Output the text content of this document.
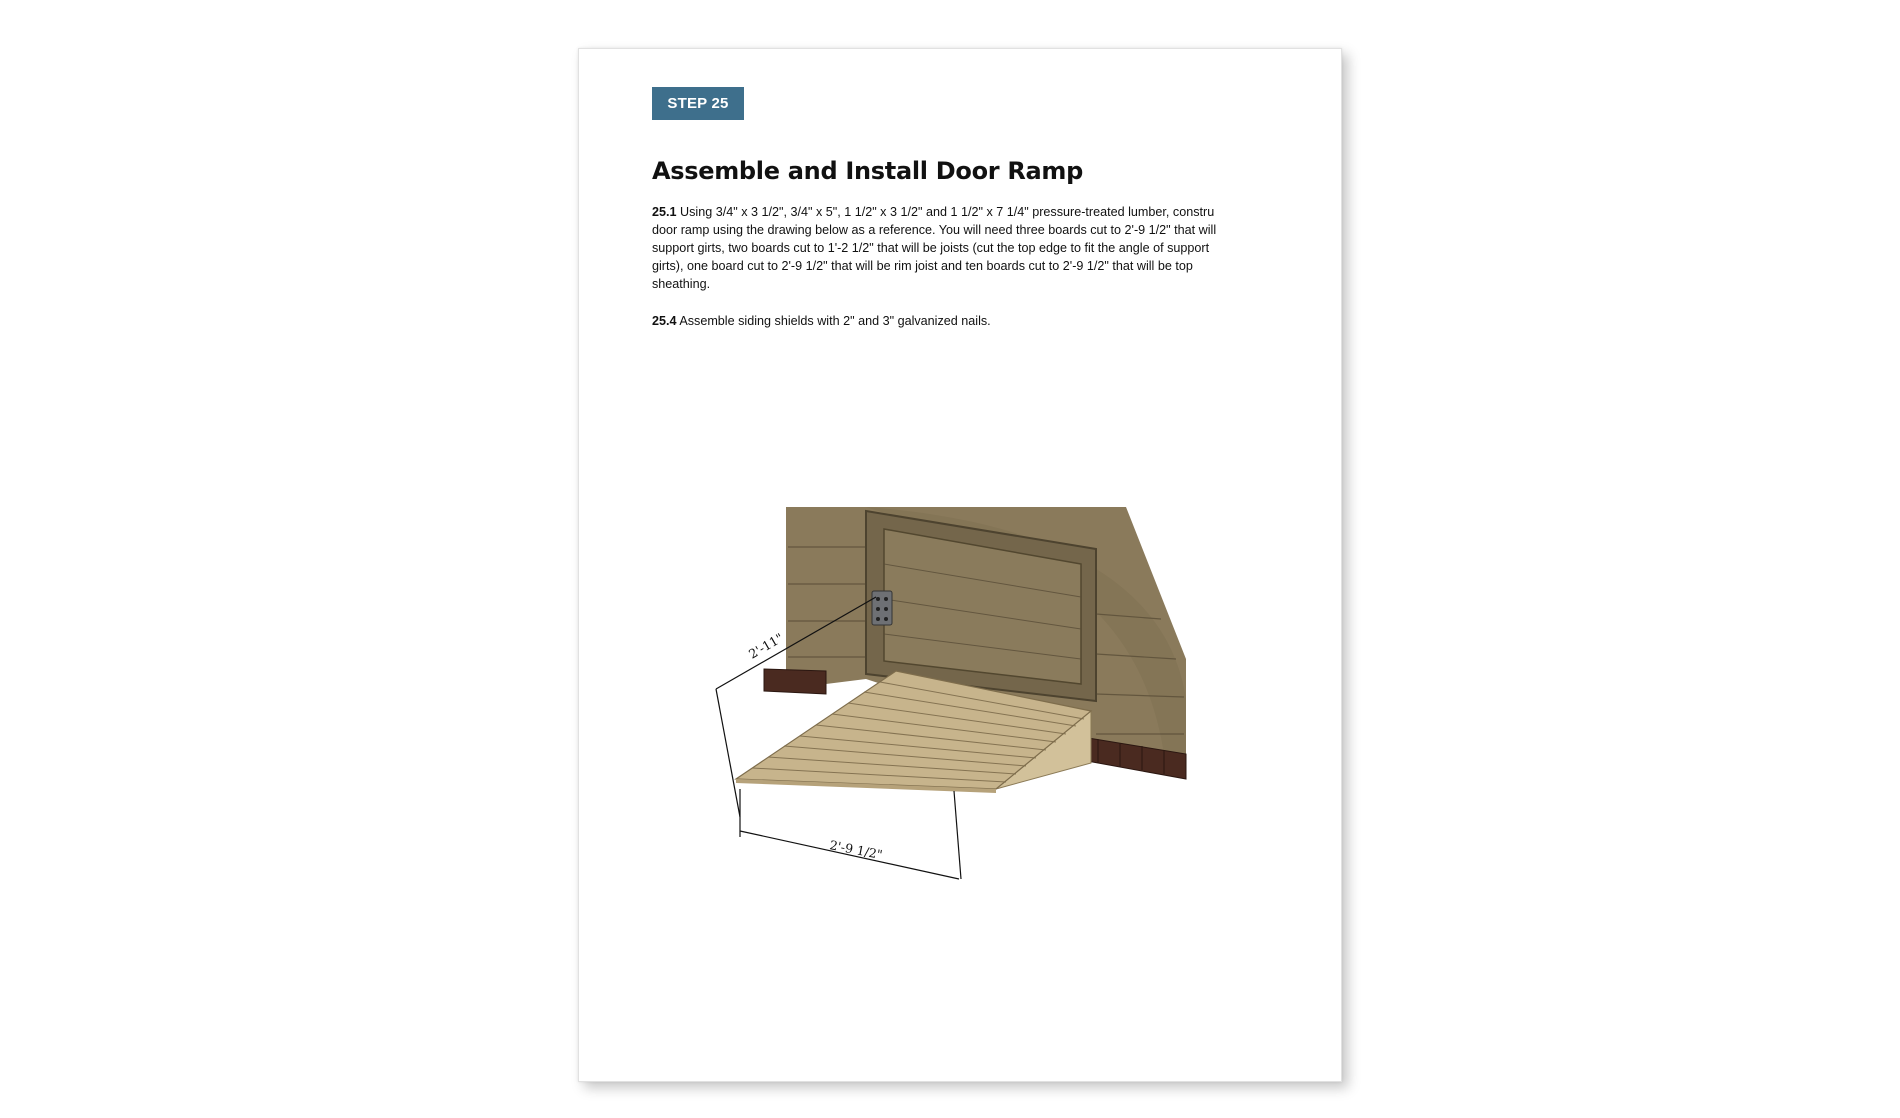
STEP 25
Assemble and Install Door Ramp

25.1 Using 3/4" x 3 1/2", 3/4" x 5", 1 1/2" x 3 1/2" and 1 1/2" x 7 1/4" pressure-treated lumber, constru
door ramp using the drawing below as a reference. You will need three boards cut to 2'-9 1/2" that will
support girts, two boards cut to 1'-2 1/2" that will be joists (cut the top edge to fit the angle of support
girts), one board cut to 2'-9 1/2" that will be rim joist and ten boards cut to 2'-9 1/2" that will be top
sheathing.

25.4 Assemble siding shields with 2" and 3" galvanized nails.

2'-11"
2'-9 1/2"
